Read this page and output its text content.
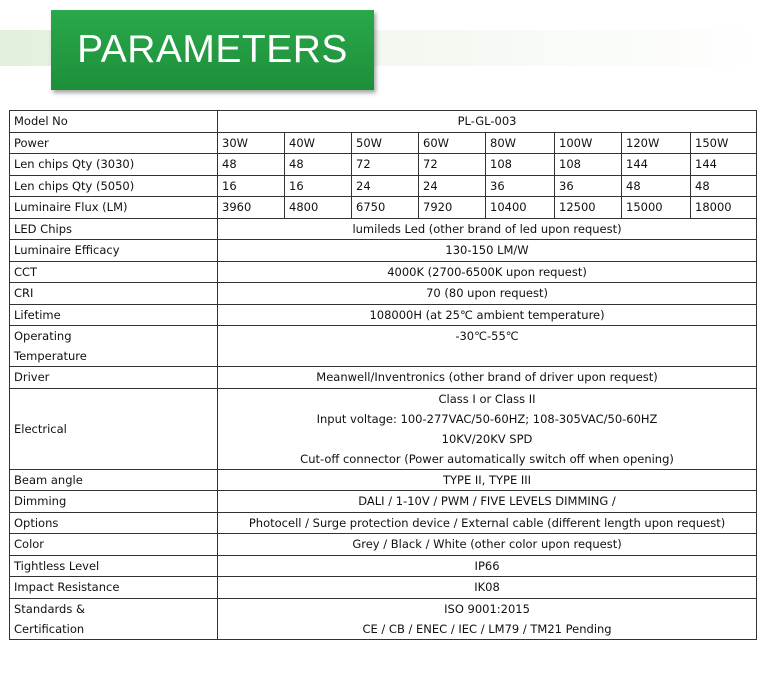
PARAMETERS
Model No	PL-GL-003							
Power	30W	40W	50W	60W	80W	100W	120W	150W
Len chips Qty (3030)	48	48	72	72	108	108	144	144
Len chips Qty (5050)	16	16	24	24	36	36	48	48
Luminaire Flux (LM)	3960	4800	6750	7920	10400	12500	15000	18000
LED Chips	lumileds Led (other brand of led upon request)							
Luminaire Efficacy	130-150 LM/W							
CCT	4000K (2700-6500K upon request)							
CRI	70 (80 upon request)							
Lifetime	108000H (at 25℃ ambient temperature)							

Operating
Temperature	-30℃-55℃							
Driver	Meanwell/Inventronics (other brand of driver upon request)							
Electrical	Class I or Class II
Input voltage: 100-277VAC/50-60HZ; 108-305VAC/50-60HZ
10KV/20KV SPD
Cut-off connector (Power automatically switch off when opening)							

Beam angle	TYPE II, TYPE III							
Dimming	DALI / 1-10V / PWM / FIVE LEVELS DIMMING /							
Options	Photocell / Surge protection device / External cable (different length upon request)							
Color	Grey / Black / White (other color upon request)							
Tightless Level	IP66							
Impact Resistance	IK08							

Standards &
Certification	ISO 9001:2015
CE / CB / ENEC / IEC / LM79 / TM21 Pending							
